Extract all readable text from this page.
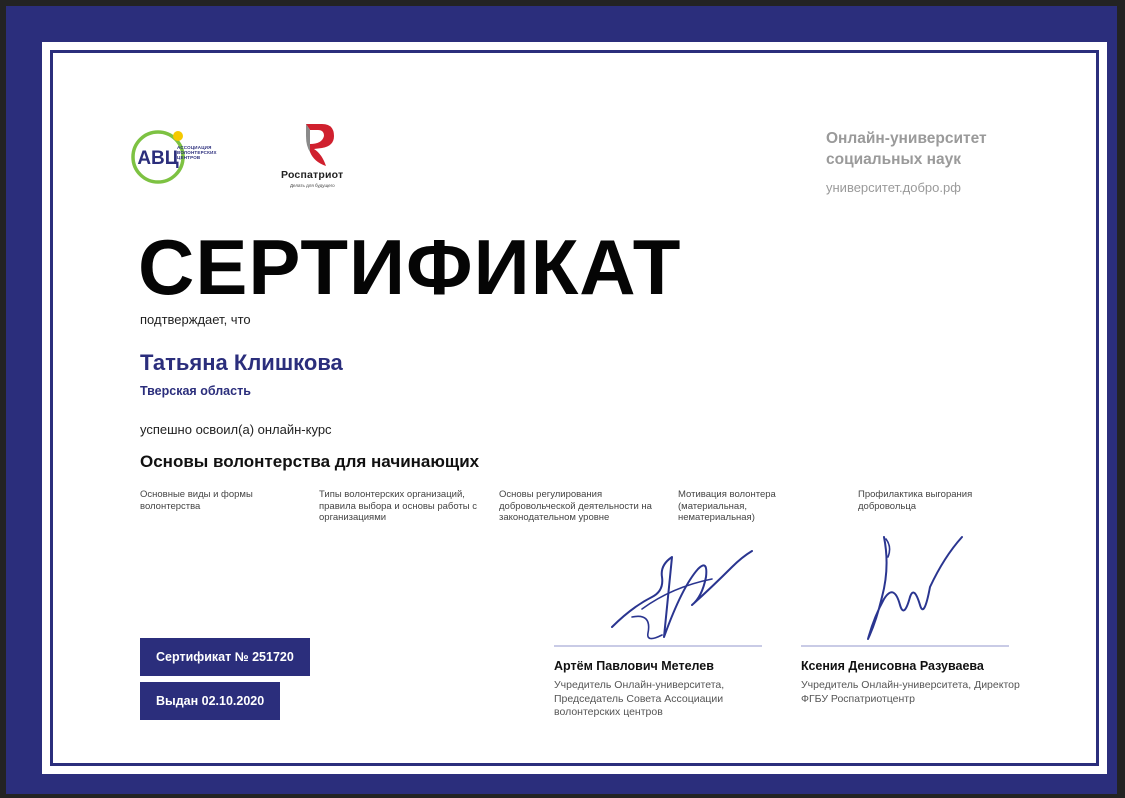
АВЦ
АССОЦИАЦИЯ ВОЛОНТЕРСКИХ ЦЕНТРОВ
Роспатриот
Делать для будущего
Онлайн-университет социальных наук
университет.добро.рф
СЕРТИФИКАТ
подтверждает, что
Татьяна Клишкова
Тверская область
успешно освоил(а) онлайн-курс
Основы волонтерства для начинающих
Основные виды и формы волонтерства
Типы волонтерских организаций, правила выбора и основы работы с организациями
Основы регулирования добровольческой деятельности на законодательном уровне
Мотивация волонтера (материальная, нематериальная)
Профилактика выгорания добровольца
Артём Павлович Метелев
Учредитель Онлайн-университета, Председатель Совета Ассоциации волонтерских центров
Ксения Денисовна Разуваева
Учредитель Онлайн-университета, Директор ФГБУ Роспатриотцентр
Сертификат № 251720
Выдан 02.10.2020
